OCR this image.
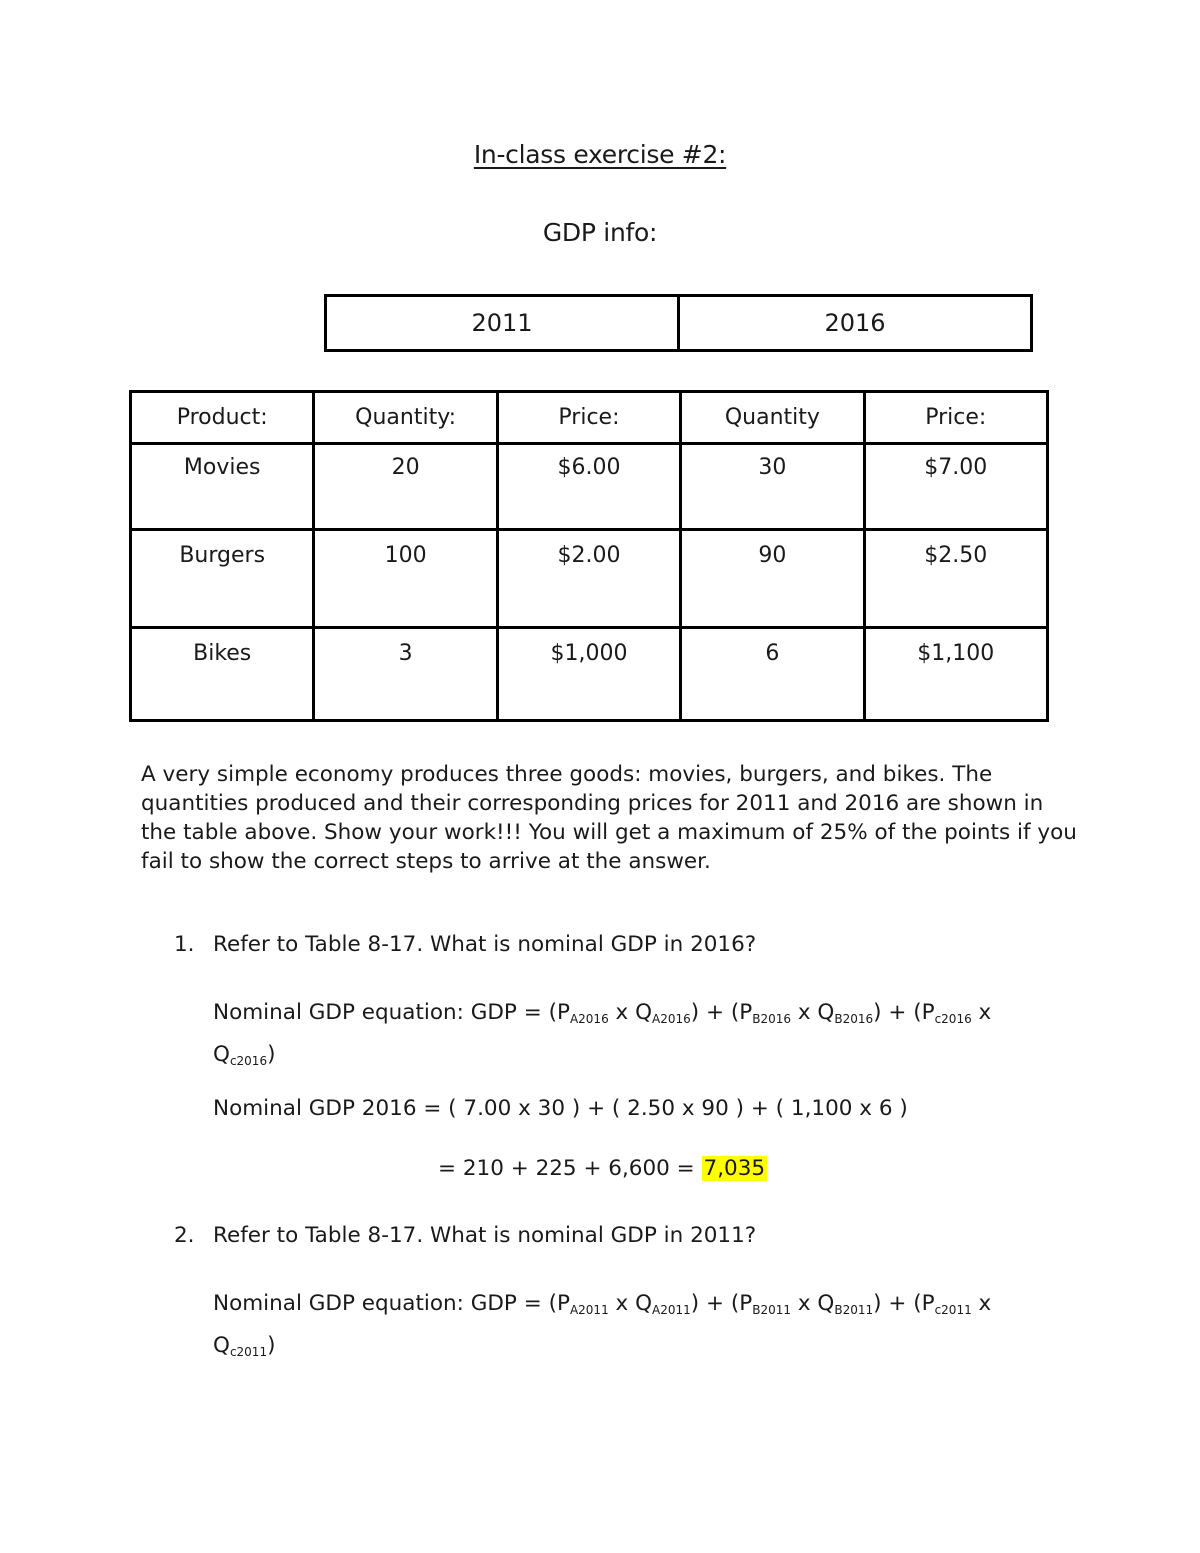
In-class exercise #2:
GDP info:
2011	2016
Product:	Quantity:	Price:	Quantity	Price:
Movies	20	$6.00	30	$7.00
Burgers	100	$2.00	90	$2.50
Bikes	3	$1,000	6	$1,100
A very simple economy produces three goods: movies, burgers, and bikes. The quantities produced and their corresponding prices for 2011 and 2016 are shown in the table above. Show your work!!! You will get a maximum of 25% of the points if you fail to show the correct steps to arrive at the answer.
1. Refer to Table 8-17. What is nominal GDP in 2016?
Nominal GDP equation: GDP = ($P_{A2016}$ x $Q_{A2016}) + (P_{B2016}$ x $Q_{B2016}) + (P_{c2016}$ x $Q_{c2016}$)
Nominal GDP 2016 = ( 7.00 x 30 ) + ( 2.50 x 90 ) + ( 1,100 x 6 )
= 210 + 225 + 6,600 = 7,035
2. Refer to Table 8-17. What is nominal GDP in 2011?
Nominal GDP equation: GDP = ($P_{A2011}$ x $Q_{A2011}) + (P_{B2011}$ x $Q_{B2011}) + (P_{c2011}$ x $Q_{c2011}$)
